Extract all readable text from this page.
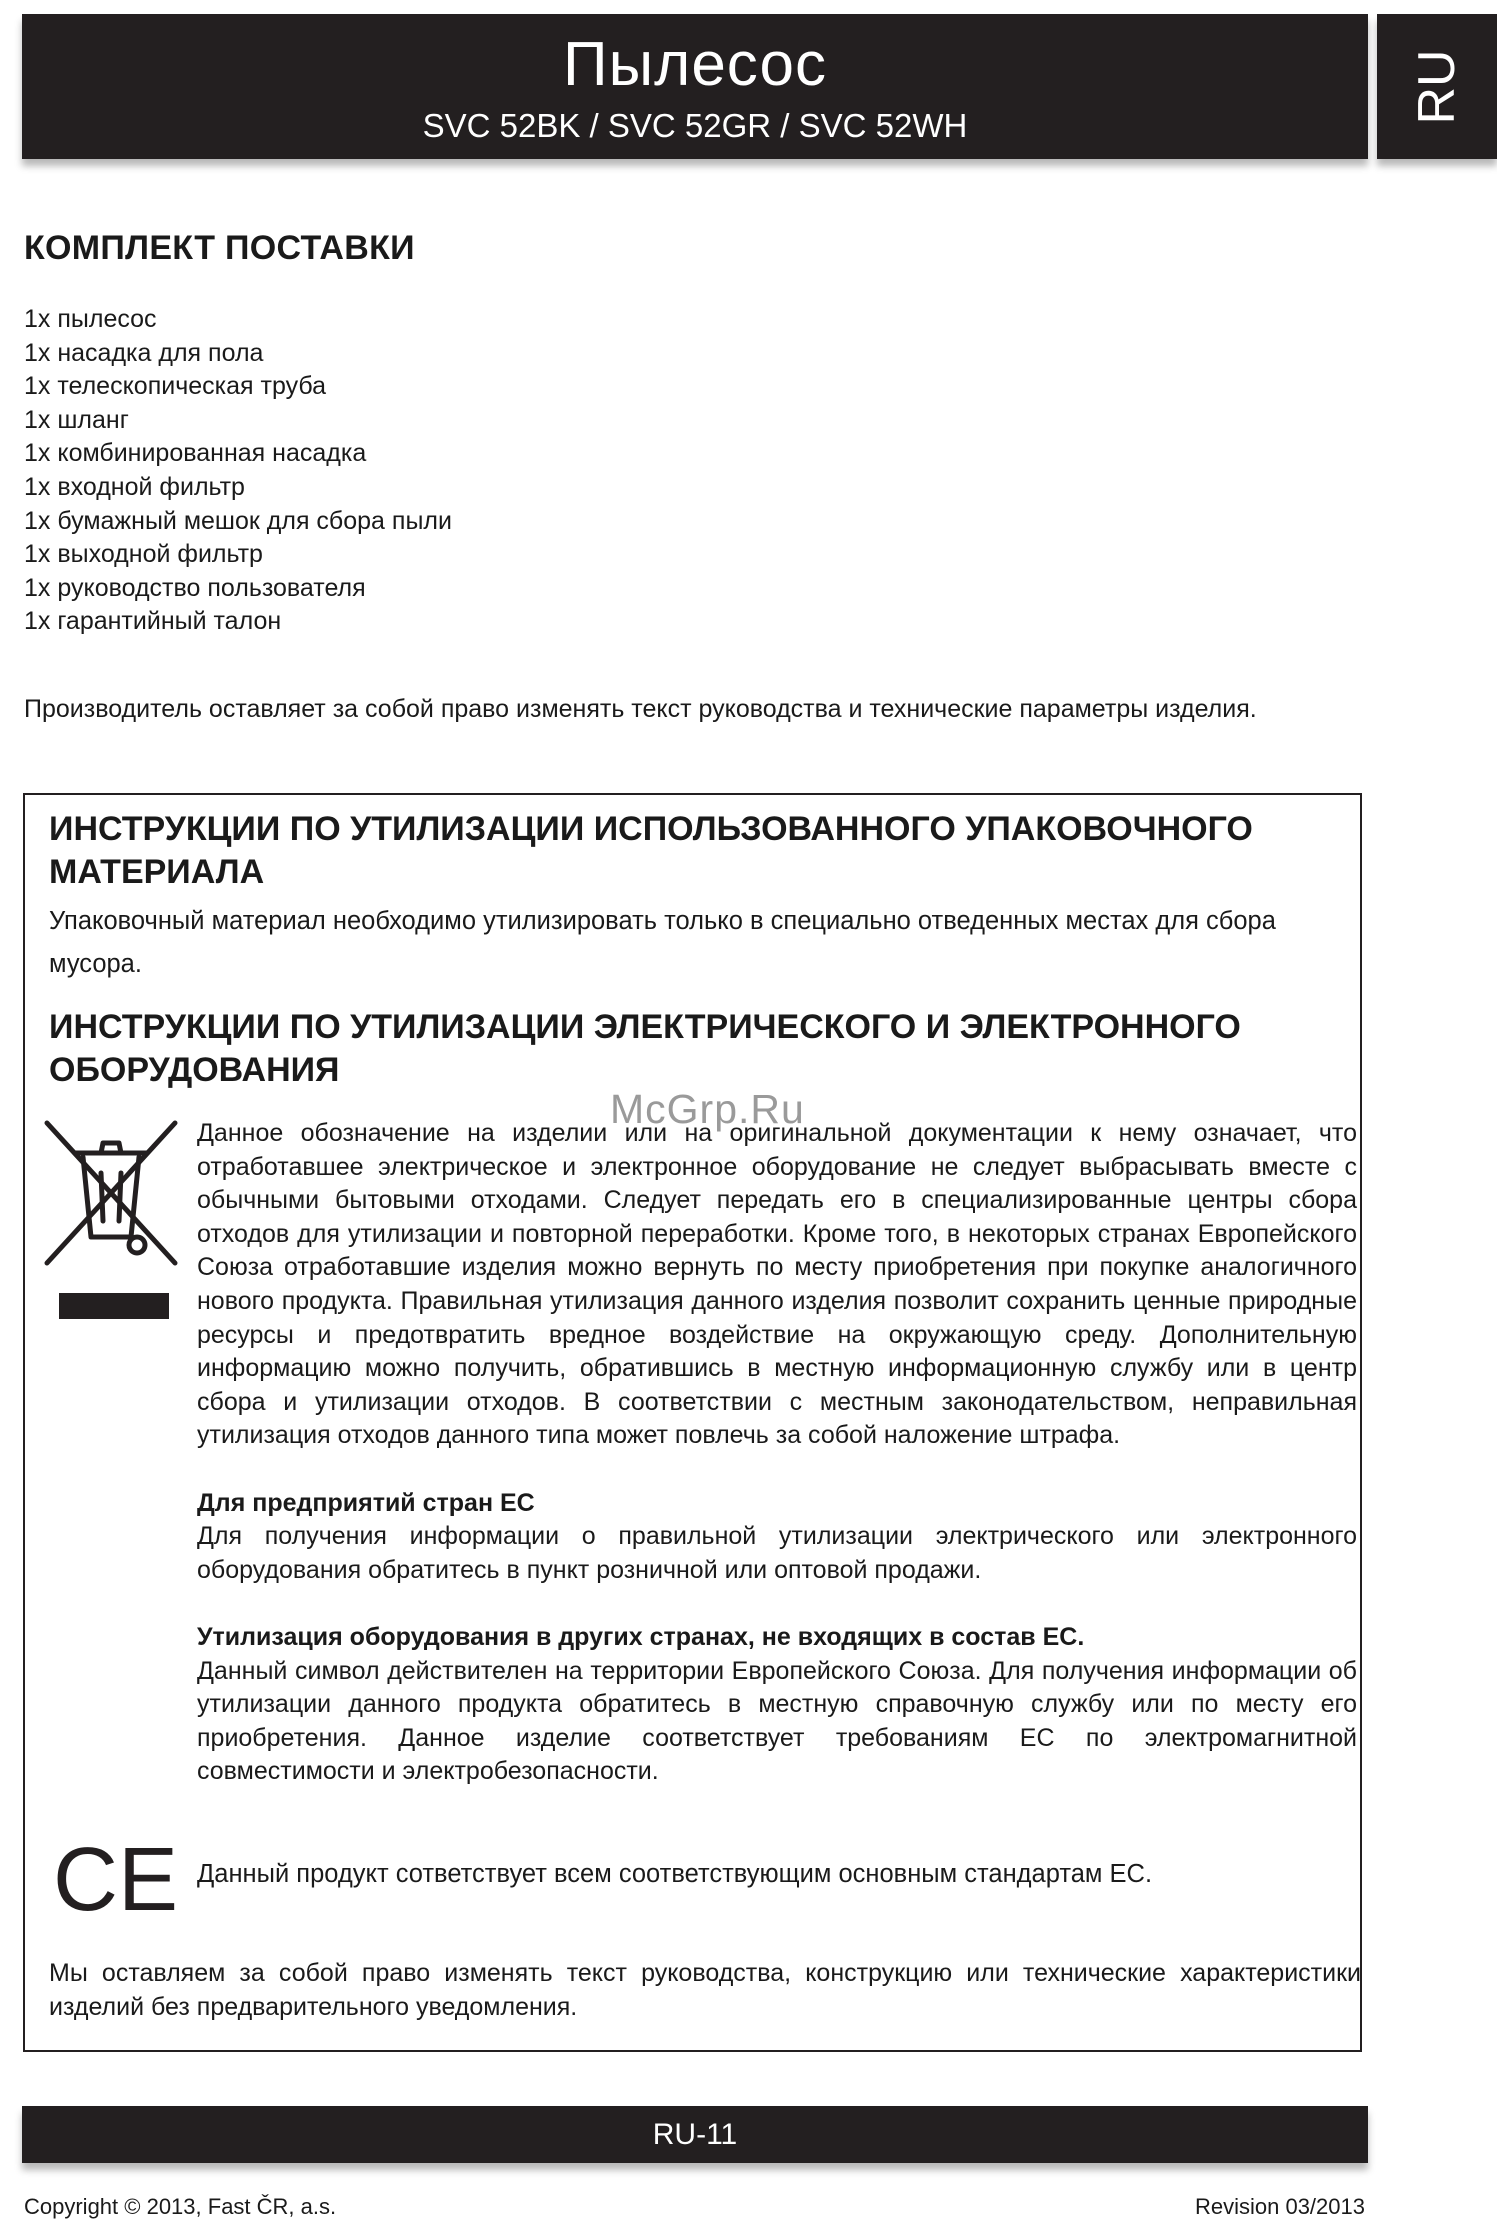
Пылесос
SVC 52BK / SVC 52GR / SVC 52WH
RU
КОМПЛЕКТ ПОСТАВКИ
1x пылесос
1x насадка для пола
1x телескопическая труба
1x шланг
1x комбинированная насадка
1x входной фильтр
1x бумажный мешок для сбора пыли
1x выходной фильтр
1x руководство пользователя
1x гарантийный талон

Производитель оставляет за собой право изменять текст руководства и технические параметры изделия.

ИНСТРУКЦИИ ПО УТИЛИЗАЦИИ ИСПОЛЬЗОВАННОГО УПАКОВОЧНОГО МАТЕРИАЛА

Упаковочный материал необходимо утилизировать только в специально отведенных местах для сбора мусора.

ИНСТРУКЦИИ ПО УТИЛИЗАЦИИ ЭЛЕКТРИЧЕСКОГО И ЭЛЕКТРОННОГО ОБОРУДОВАНИЯ

Данное обозначение на изделии или на оригинальной документации к нему означает, что отработавшее электрическое и электронное оборудование не следует выбрасывать вместе с обычными бытовыми отходами. Следует передать его в специализированные центры сбора отходов для утилизации и повторной переработки. Кроме того, в некоторых странах Европейского Союза отработавшие изделия можно вернуть по месту приобретения при покупке аналогичного нового продукта. Правильная утилизация данного изделия позволит сохранить ценные природные ресурсы и предотвратить вредное воздействие на окружающую среду. Дополнительную информацию можно получить, обратившись в местную информационную службу или в центр сбора и утилизации отходов. В соответствии с местным законодательством, неправильная утилизация отходов данного типа может повлечь за собой наложение штрафа.

Для предприятий стран ЕС

Для получения информации о правильной утилизации электрического или электронного оборудования обратитесь в пункт розничной или оптовой продажи.

Утилизация оборудования в других странах, не входящих в состав ЕС.

Данный символ действителен на территории Европейского Союза. Для получения информации об утилизации данного продукта обратитесь в местную справочную службу или по месту его приобретения. Данное изделие соответствует требованиям ЕС по электромагнитной совместимости и электробезопасности.

CE Данный продукт сответствует всем соответствующим основным стандартам ЕС.

Мы оставляем за собой право изменять текст руководства, конструкцию или технические характеристики изделий без предварительного уведомления.

McGrp.Ru
RU-11
Copyright © 2013, Fast ČR, a.s.	Revision 03/2013
